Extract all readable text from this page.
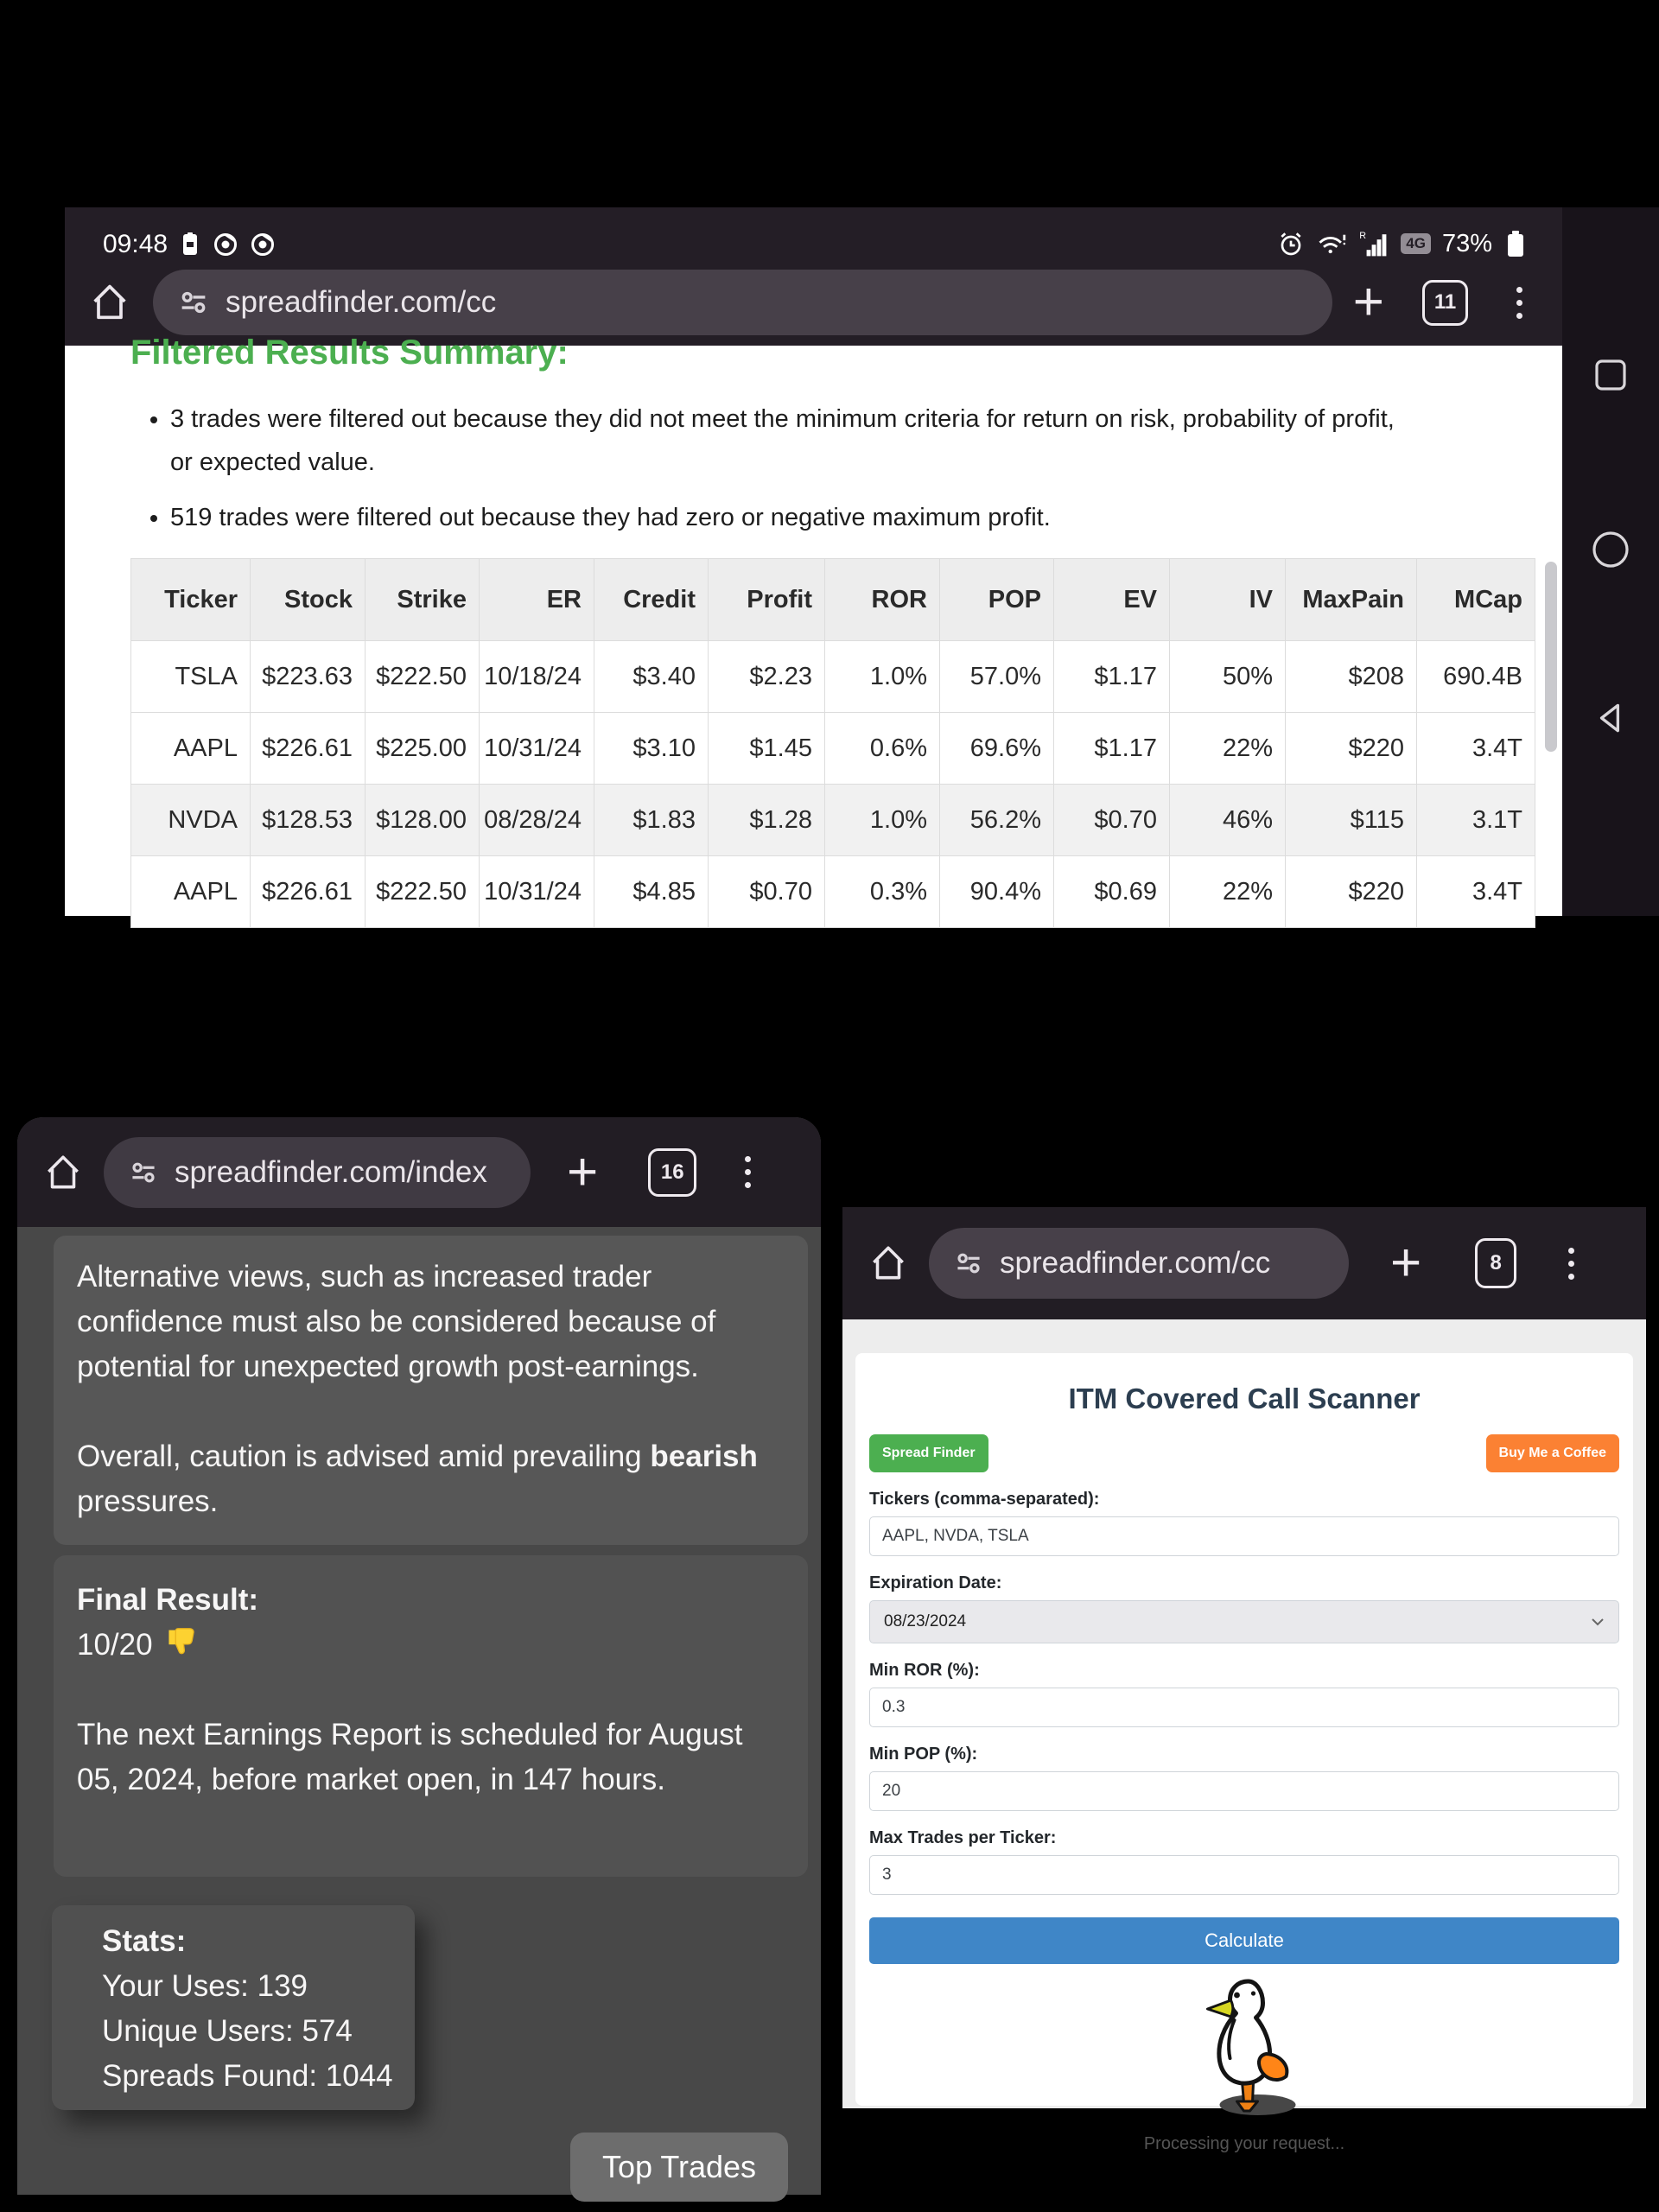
09:48	R	4G 73%
spreadfinder.com/cc	+	11
Filtered Results Summary:
• 3 trades were filtered out because they did not meet the minimum criteria for return on risk, probability of profit, or expected value.
• 519 trades were filtered out because they had zero or negative maximum profit.
Ticker	Stock	Strike	ER	Credit	Profit	ROR	POP	EV	IV	MaxPain	MCap
TSLA	$223.63	$222.50	10/18/24	$3.40	$2.23	1.0%	57.0%	$1.17	50%	$208	690.4B
AAPL	$226.61	$225.00	10/31/24	$3.10	$1.45	0.6%	69.6%	$1.17	22%	$220	3.4T
NVDA	$128.53	$128.00	08/28/24	$1.83	$1.28	1.0%	56.2%	$0.70	46%	$115	3.1T
AAPL	$226.61	$222.50	10/31/24	$4.85	$0.70	0.3%	90.4%	$0.69	22%	$220	3.4T
spreadfinder.com/index +	16
Alternative views, such as increased trader confidence must also be considered because of potential for unexpected growth post-earnings.
Overall, caution is advised amid prevailing bearish pressures.
Final Result:
10/20
The next Earnings Report is scheduled for August 05, 2024, before market open, in 147 hours.
Stats:
Your Uses: 139
Unique Users: 574
Spreads Found: 1044
Top Trades
spreadfinder.com/cc +	8
ITM Covered Call Scanner
Spread Finder	Buy Me a Coffee
Tickers (comma-separated):
AAPL, NVDA, TSLA
Expiration Date:
08/23/2024
Min ROR (%):
0.3
Min POP (%):
20
Max Trades per Ticker:
3 Calculate
Processing your request...
